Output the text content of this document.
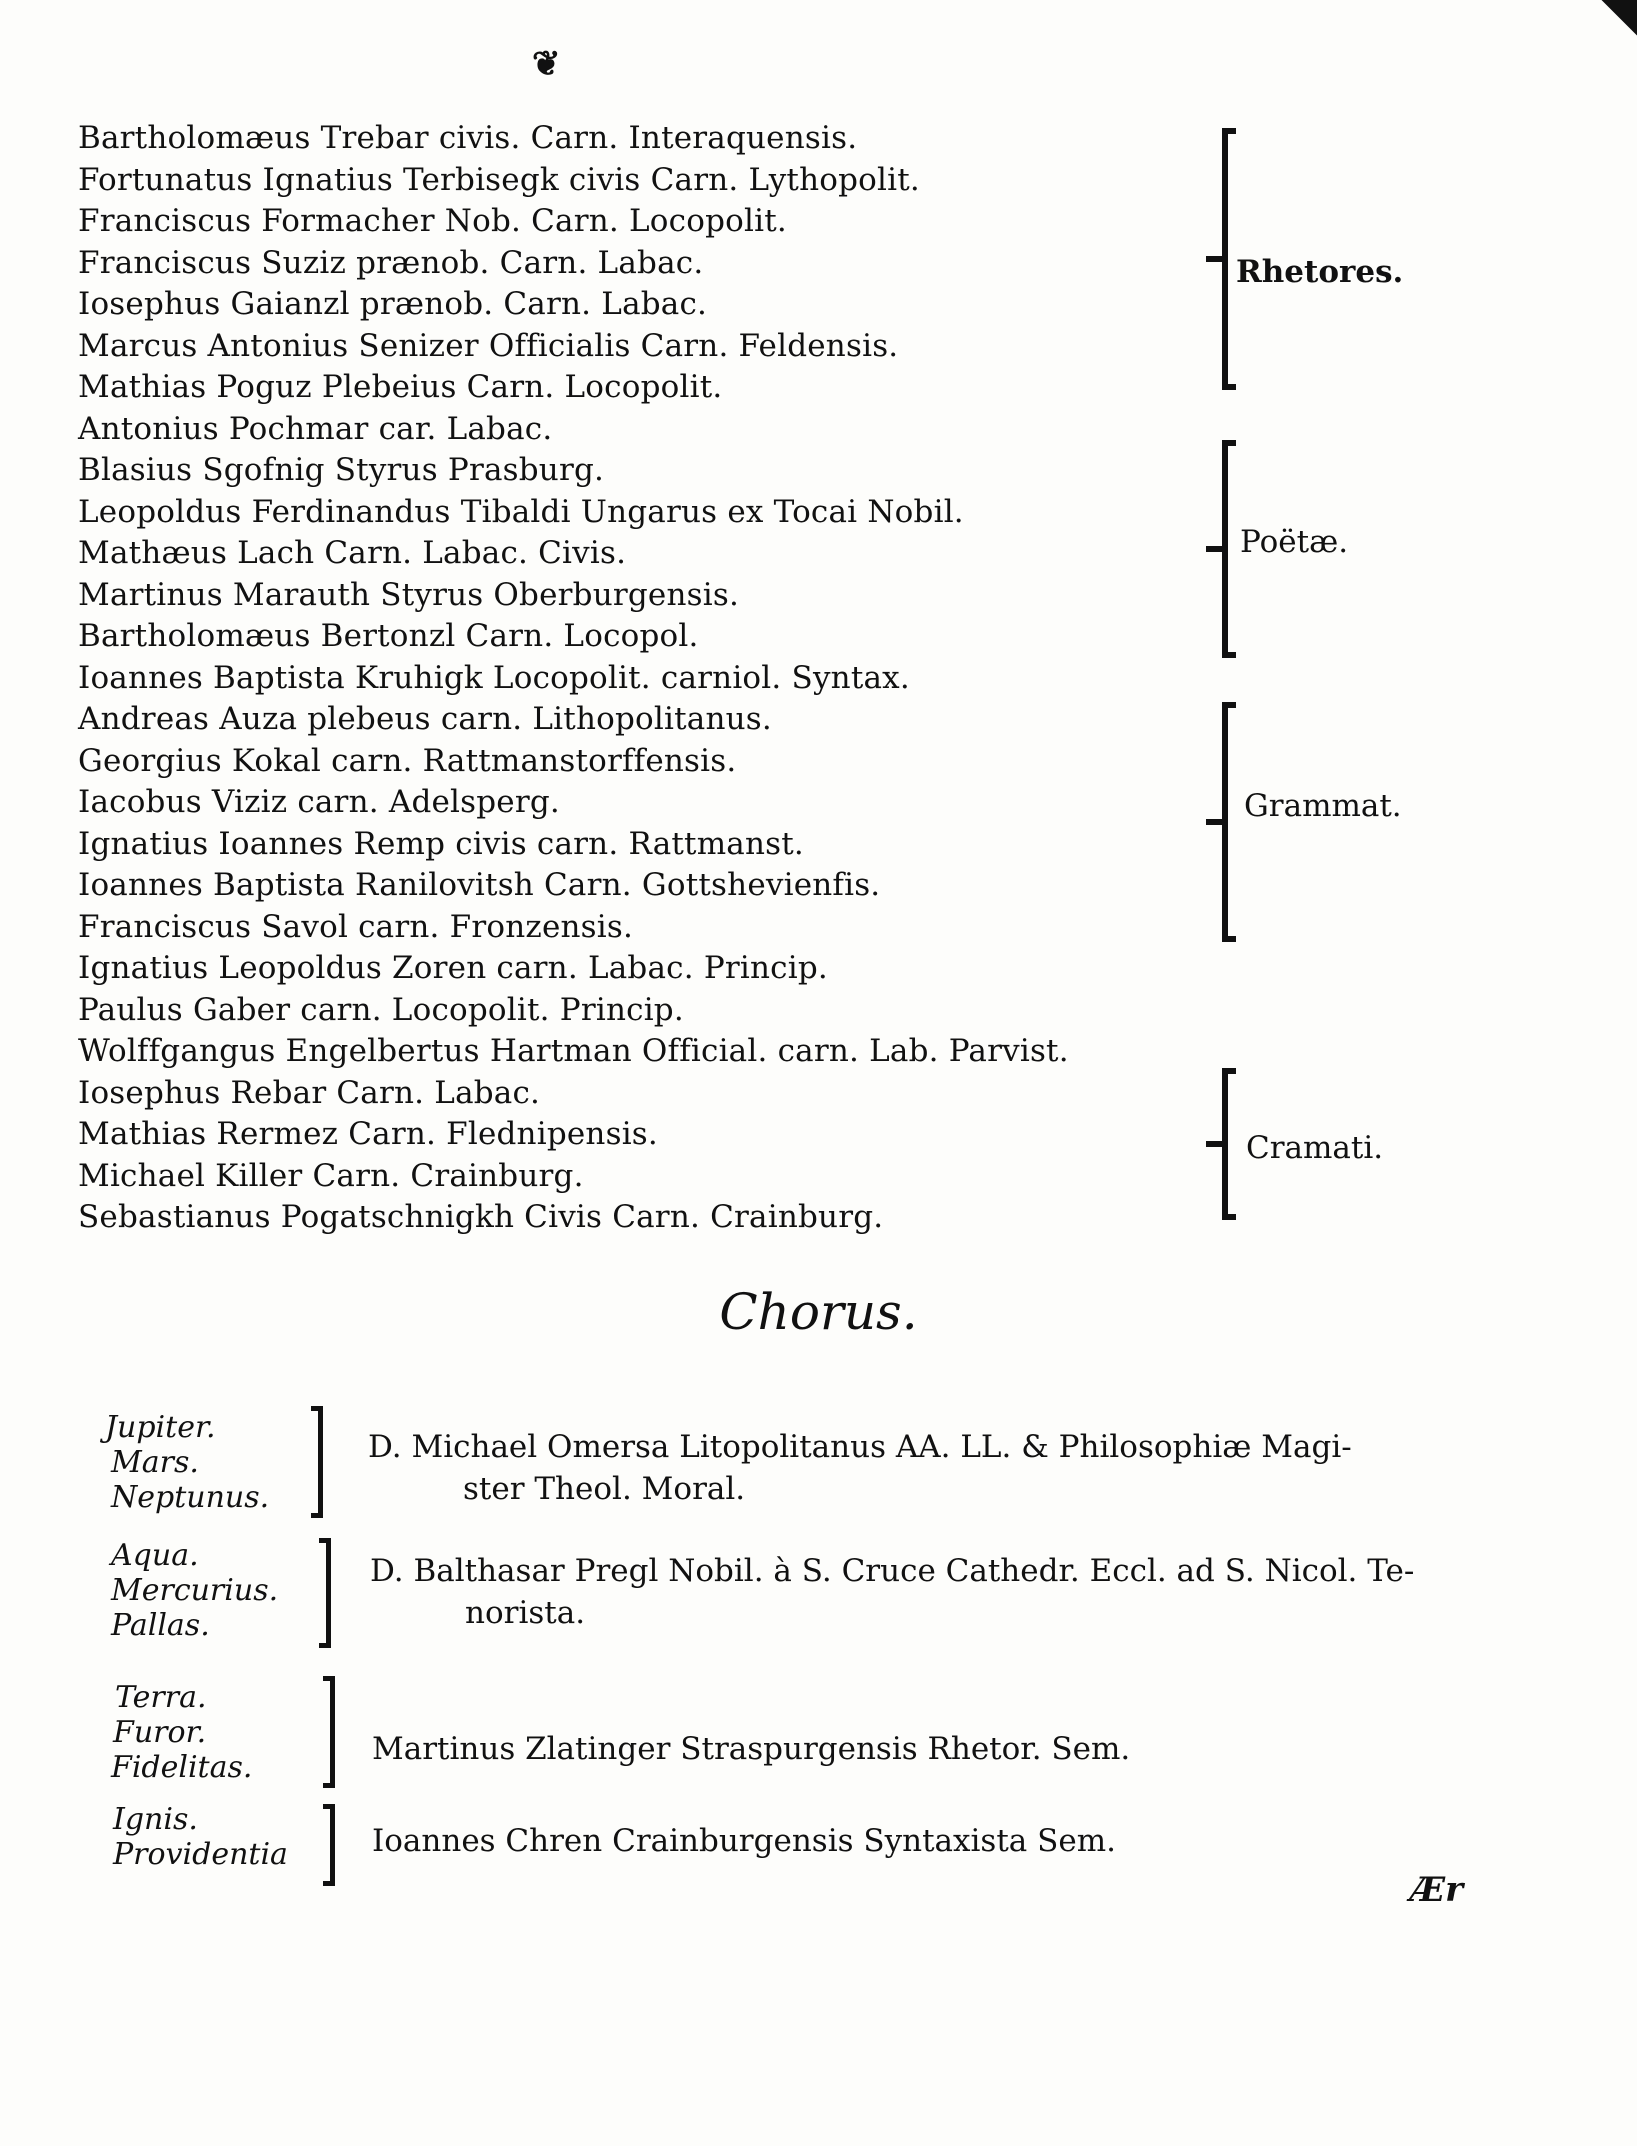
❦
Bartholomæus Trebar civis. Carn. Interaquensis.
Fortunatus Ignatius Terbisegk civis Carn. Lythopolit.
Franciscus Formacher Nob. Carn. Locopolit.
Franciscus Suziz prænob. Carn. Labac.
Iosephus Gaianzl prænob. Carn. Labac.
Marcus Antonius Senizer Officialis Carn. Feldensis.
Mathias Poguz Plebeius Carn. Locopolit.
Antonius Pochmar car. Labac.
Blasius Sgofnig Styrus Prasburg.
Leopoldus Ferdinandus Tibaldi Ungarus ex Tocai Nobil.
Mathæus Lach Carn. Labac. Civis.
Martinus Marauth Styrus Oberburgensis.
Bartholomæus Bertonzl Carn. Locopol.
Ioannes Baptista Kruhigk Locopolit. carniol. Syntax.
Andreas Auza plebeus carn. Lithopolitanus.
Georgius Kokal carn. Rattmanstorffensis.
Iacobus Viziz carn. Adelsperg.
Ignatius Ioannes Remp civis carn. Rattmanst.
Ioannes Baptista Ranilovitsh Carn. Gottshevienfis.
Franciscus Savol carn. Fronzensis.
Ignatius Leopoldus Zoren carn. Labac. Princip.
Paulus Gaber carn. Locopolit. Princip.
Wolffgangus Engelbertus Hartman Official. carn. Lab. Parvist.
Iosephus Rebar Carn. Labac.
Mathias Rermez Carn. Flednipensis.
Michael Killer Carn. Crainburg.
Sebastianus Pogatschnigkh Civis Carn. Crainburg.
Rhetores.
Poëtæ.
Grammat.
Cramati.
Chorus.
Jupiter.
Mars.
Neptunus.
D. Michael Omersa Litopolitanus AA. LL. & Philosophiæ Magi-
ster Theol. Moral.
Aqua.
Mercurius.
Pallas.
D. Balthasar Pregl Nobil. à S. Cruce Cathedr. Eccl. ad S. Nicol. Te-
norista.
Terra.
Furor.
Fidelitas.
Martinus Zlatinger Straspurgensis Rhetor. Sem.
Ignis.
Providentia	Ioannes Chren Crainburgensis Syntaxista Sem.
Ær
